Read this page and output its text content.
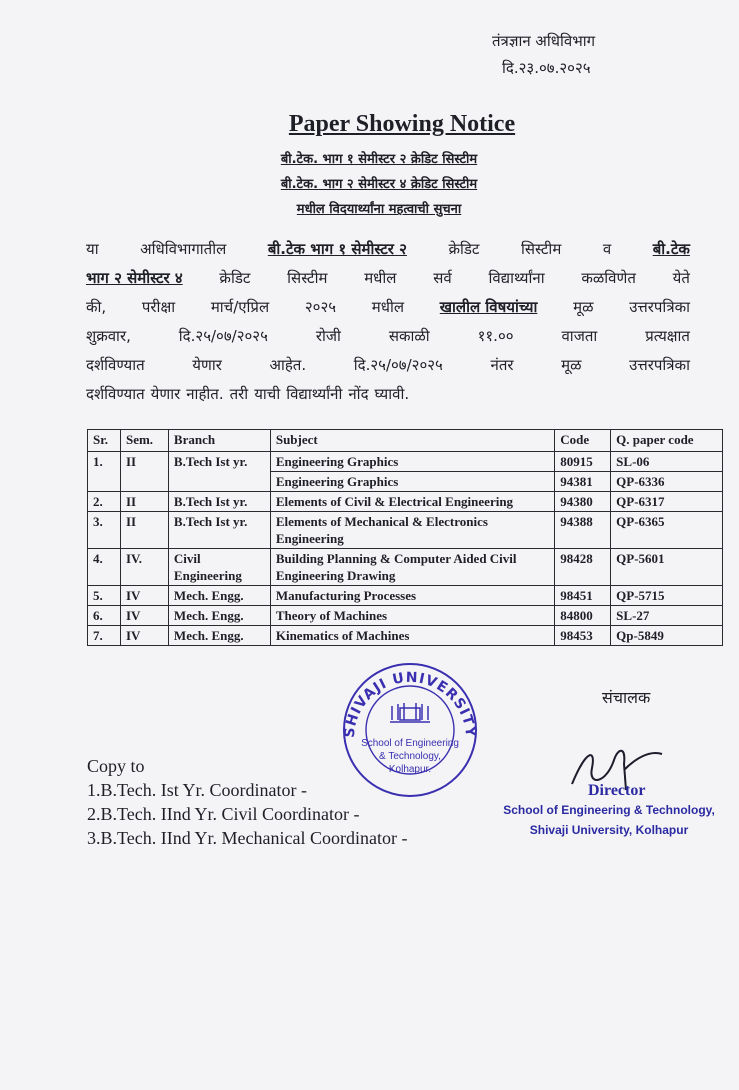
तंत्रज्ञान अधिविभाग
दि.२३.०७.२०२५
Paper Showing Notice
बी.टेक. भाग १ सेमीस्टर २ क्रेडिट सिस्टीम
बी.टेक. भाग २ सेमीस्टर ४ क्रेडिट सिस्टीम
मधील विदयार्थ्यांना महत्वाची सुचना
या	अधिविभागातील	बी.टेक भाग १ सेमीस्टर २	क्रेडिट	सिस्टीम	व	बी.टेक
भाग २ सेमीस्टर ४ क्रेडिट सिस्टीम मधील सर्व विद्यार्थ्यांना कळविणेत येते
की, परीक्षा मार्च/एप्रिल २०२५ मधील खालील विषयांच्या मूळ उत्तरपत्रिका
शुक्रवार,	दि.२५/०७/२०२५	रोजी	सकाळी	११.००	वाजता	प्रत्यक्षात
दर्शविण्यात	येणार	आहेत.	दि.२५/०७/२०२५	नंतर	मूळ	उत्तरपत्रिका
दर्शविण्यात येणार नाहीत. तरी याची विद्यार्थ्यांनी नोंद घ्यावी.
Sr.	Sem.	Branch	Subject	Code	Q. paper code
1.	II	B.Tech Ist yr.	Engineering Graphics	80915	SL-06
			Engineering Graphics	94381	QP-6336
2.	II	B.Tech Ist yr.	Elements of Civil & Electrical Engineering	94380	QP-6317
3.	II	B.Tech Ist yr.	Elements of Mechanical & Electronics Engineering	94388	QP-6365
4.	IV.	Civil Engineering	Building Planning & Computer Aided Civil Engineering Drawing	98428	QP-5601
5.	IV	Mech. Engg.	Manufacturing Processes	98451	QP-5715
6.	IV	Mech. Engg.	Theory of Machines	84800	SL-27
7.	IV	Mech. Engg.	Kinematics of Machines	98453	Qp-5849
SHIVAJI UNIVERSITY
School of Engineering
& Technology,
Kolhapur.
संचालक
Copy to
1.B.Tech. Ist Yr. Coordinator -
2.B.Tech. IInd Yr. Civil Coordinator -
3.B.Tech. IInd Yr. Mechanical Coordinator -
Director
School of Engineering & Technology,
Shivaji University, Kolhapur
